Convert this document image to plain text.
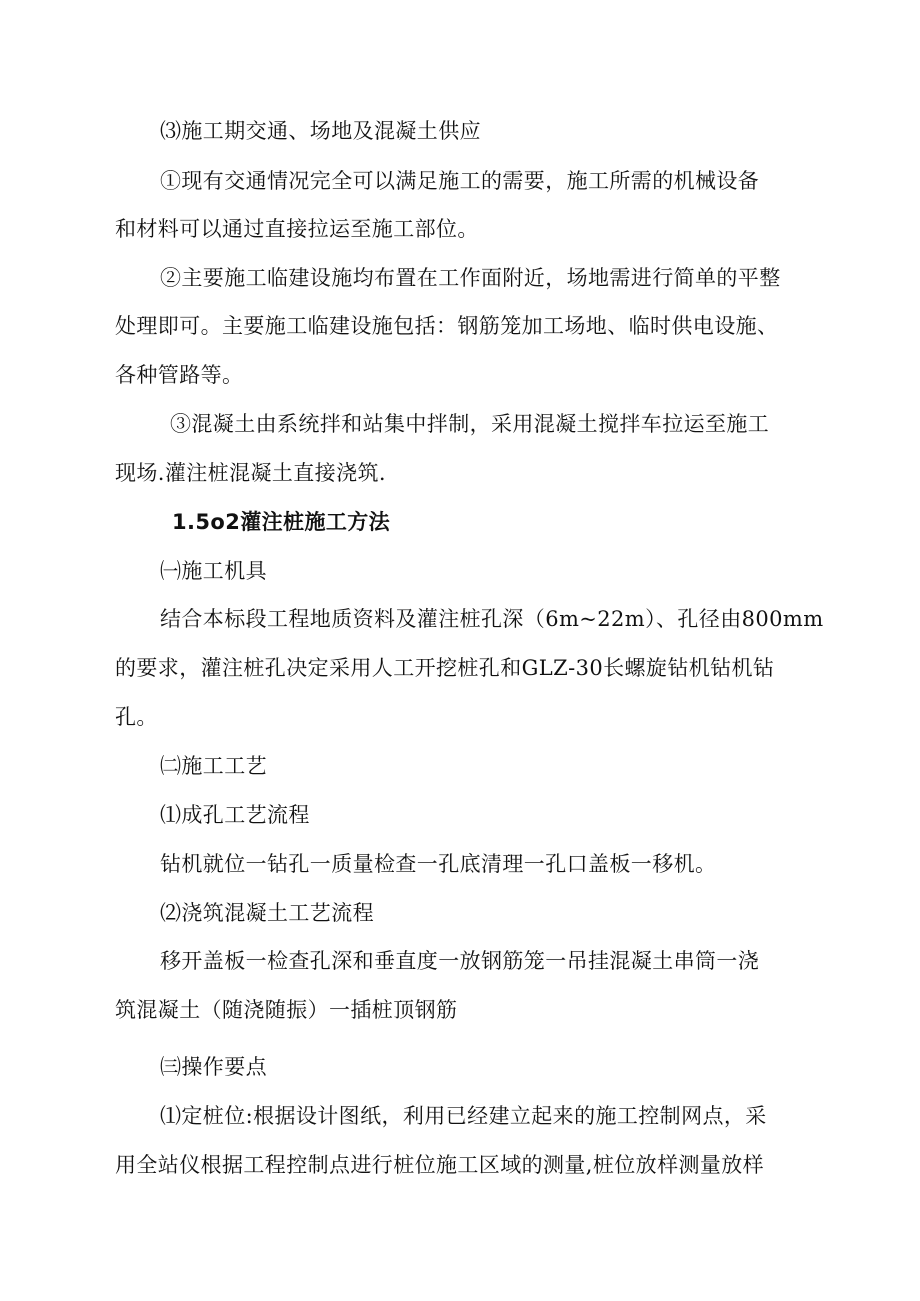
⑶施工期交通、场地及混凝土供应
①现有交通情况完全可以满足施工的需要，施工所需的机械设备
和材料可以通过直接拉运至施工部位。
②主要施工临建设施均布置在工作面附近，场地需进行简单的平整
处理即可。主要施工临建设施包括：钢筋笼加工场地、临时供电设施、
各种管路等。
③混凝土由系统拌和站集中拌制，采用混凝土搅拌车拉运至施工
现场.灌注桩混凝土直接浇筑.
1.5o2灌注桩施工方法
㈠施工机具
结合本标段工程地质资料及灌注桩孔深（6m~22m）、孔径由800mm
的要求，灌注桩孔决定采用人工开挖桩孔和GLZ-30长螺旋钻机钻机钻
孔。
㈡施工工艺
⑴成孔工艺流程
钻机就位一钻孔一质量检查一孔底清理一孔口盖板一移机。
⑵浇筑混凝土工艺流程
移开盖板一检查孔深和垂直度一放钢筋笼一吊挂混凝土串筒一浇
筑混凝土（随浇随振）一插桩顶钢筋
㈢操作要点
⑴定桩位:根据设计图纸，利用已经建立起来的施工控制网点，采
用全站仪根据工程控制点进行桩位施工区域的测量,桩位放样测量放样
